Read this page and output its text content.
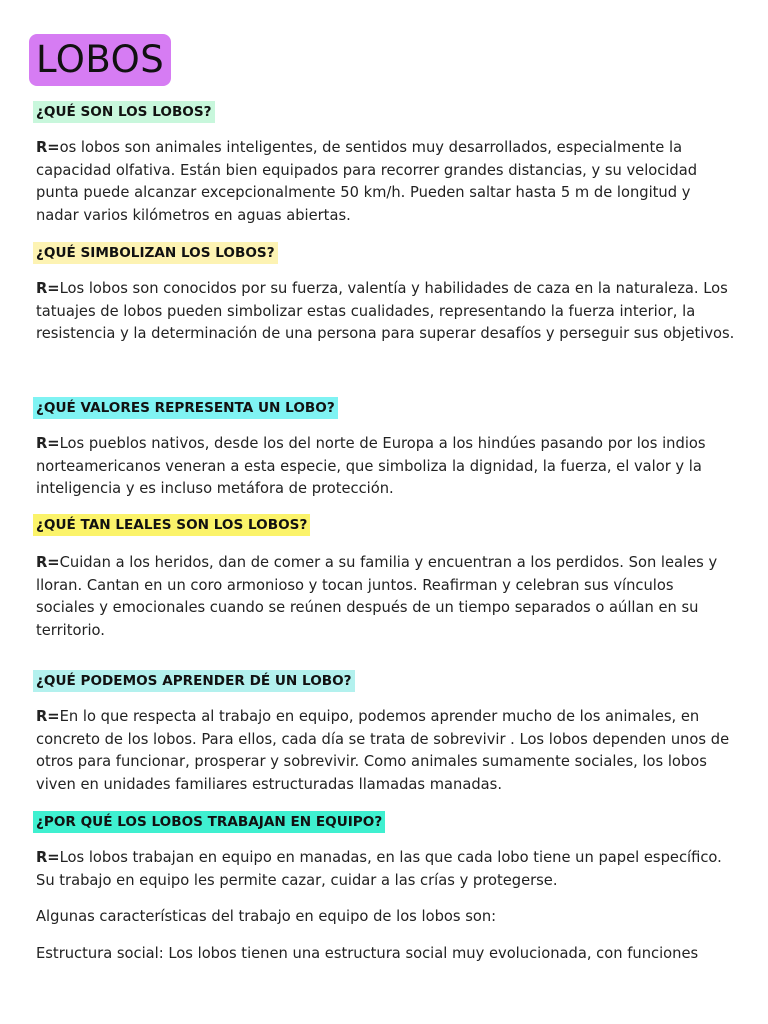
LOBOS
¿QUÉ SON LOS LOBOS?

R=os lobos son animales inteligentes, de sentidos muy desarrollados, especialmente la capacidad olfativa. Están bien equipados para recorrer grandes distancias, y su velocidad punta puede alcanzar excepcionalmente 50 km/h. Pueden saltar hasta 5 m de longitud y nadar varios kilómetros en aguas abiertas.

¿QUÉ SIMBOLIZAN LOS LOBOS?

R=Los lobos son conocidos por su fuerza, valentía y habilidades de caza en la naturaleza. Los tatuajes de lobos pueden simbolizar estas cualidades, representando la fuerza interior, la resistencia y la determinación de una persona para superar desafíos y perseguir sus objetivos.

¿QUÉ VALORES REPRESENTA UN LOBO?

R=Los pueblos nativos, desde los del norte de Europa a los hindúes pasando por los indios norteamericanos veneran a esta especie, que simboliza la dignidad, la fuerza, el valor y la inteligencia y es incluso metáfora de protección.

¿QUÉ TAN LEALES SON LOS LOBOS?

R=Cuidan a los heridos, dan de comer a su familia y encuentran a los perdidos. Son leales y lloran. Cantan en un coro armonioso y tocan juntos. Reafirman y celebran sus vínculos sociales y emocionales cuando se reúnen después de un tiempo separados o aúllan en su territorio.

¿QUÉ PODEMOS APRENDER DÉ UN LOBO?

R=En lo que respecta al trabajo en equipo, podemos aprender mucho de los animales, en concreto de los lobos. Para ellos, cada día se trata de sobrevivir . Los lobos dependen unos de otros para funcionar, prosperar y sobrevivir. Como animales sumamente sociales, los lobos viven en unidades familiares estructuradas llamadas manadas.

¿POR QUÉ LOS LOBOS TRABAJAN EN EQUIPO?

R=Los lobos trabajan en equipo en manadas, en las que cada lobo tiene un papel específico. Su trabajo en equipo les permite cazar, cuidar a las crías y protegerse.

Algunas características del trabajo en equipo de los lobos son:

Estructura social: Los lobos tienen una estructura social muy evolucionada, con funciones
